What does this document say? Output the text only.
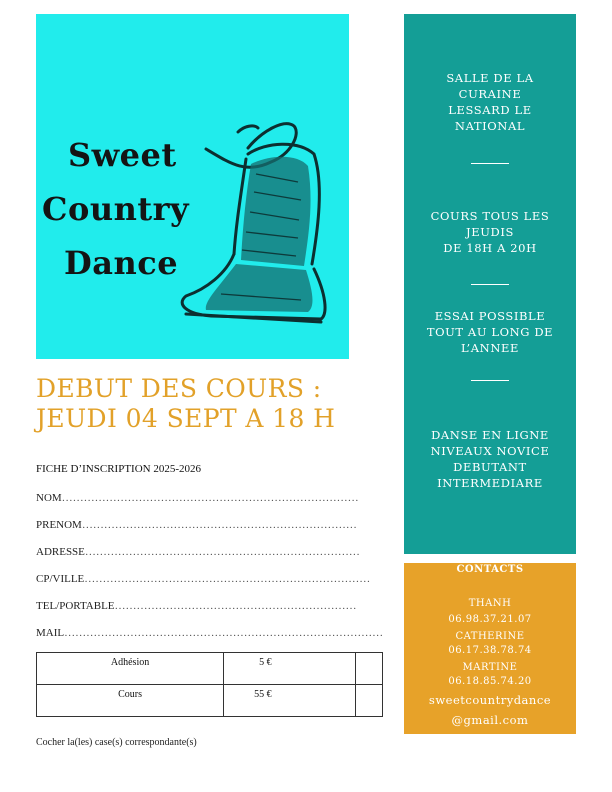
Sweet
Country
Dance
DEBUT DES COURS :
JEUDI 04 SEPT A 18 H
FICHE D’INSCRIPTION 2025-2026
NOM………………………………………………………………………
PRENOM…………………………………………………………………
ADRESSE…………………………………………………………………
CP/VILLE……………………………………………………………………
TEL/PORTABLE…………………………………………………………
MAIL……………………………………………………………………………
Adhésion	5 €	
Cours	55 €	
Cocher la(les) case(s) correspondante(s)
SALLE DE LA
CURAINE
LESSARD LE
NATIONAL
COURS TOUS LES
JEUDIS
DE 18H A 20H
ESSAI POSSIBLE
TOUT AU LONG DE
L’ANNEE
DANSE EN LIGNE
NIVEAUX NOVICE
DEBUTANT
INTERMEDIARE
CONTACTS
THANH
06.98.37.21.07
CATHERINE
06.17.38.78.74
MARTINE
06.18.85.74.20
sweetcountrydance
@gmail.com
